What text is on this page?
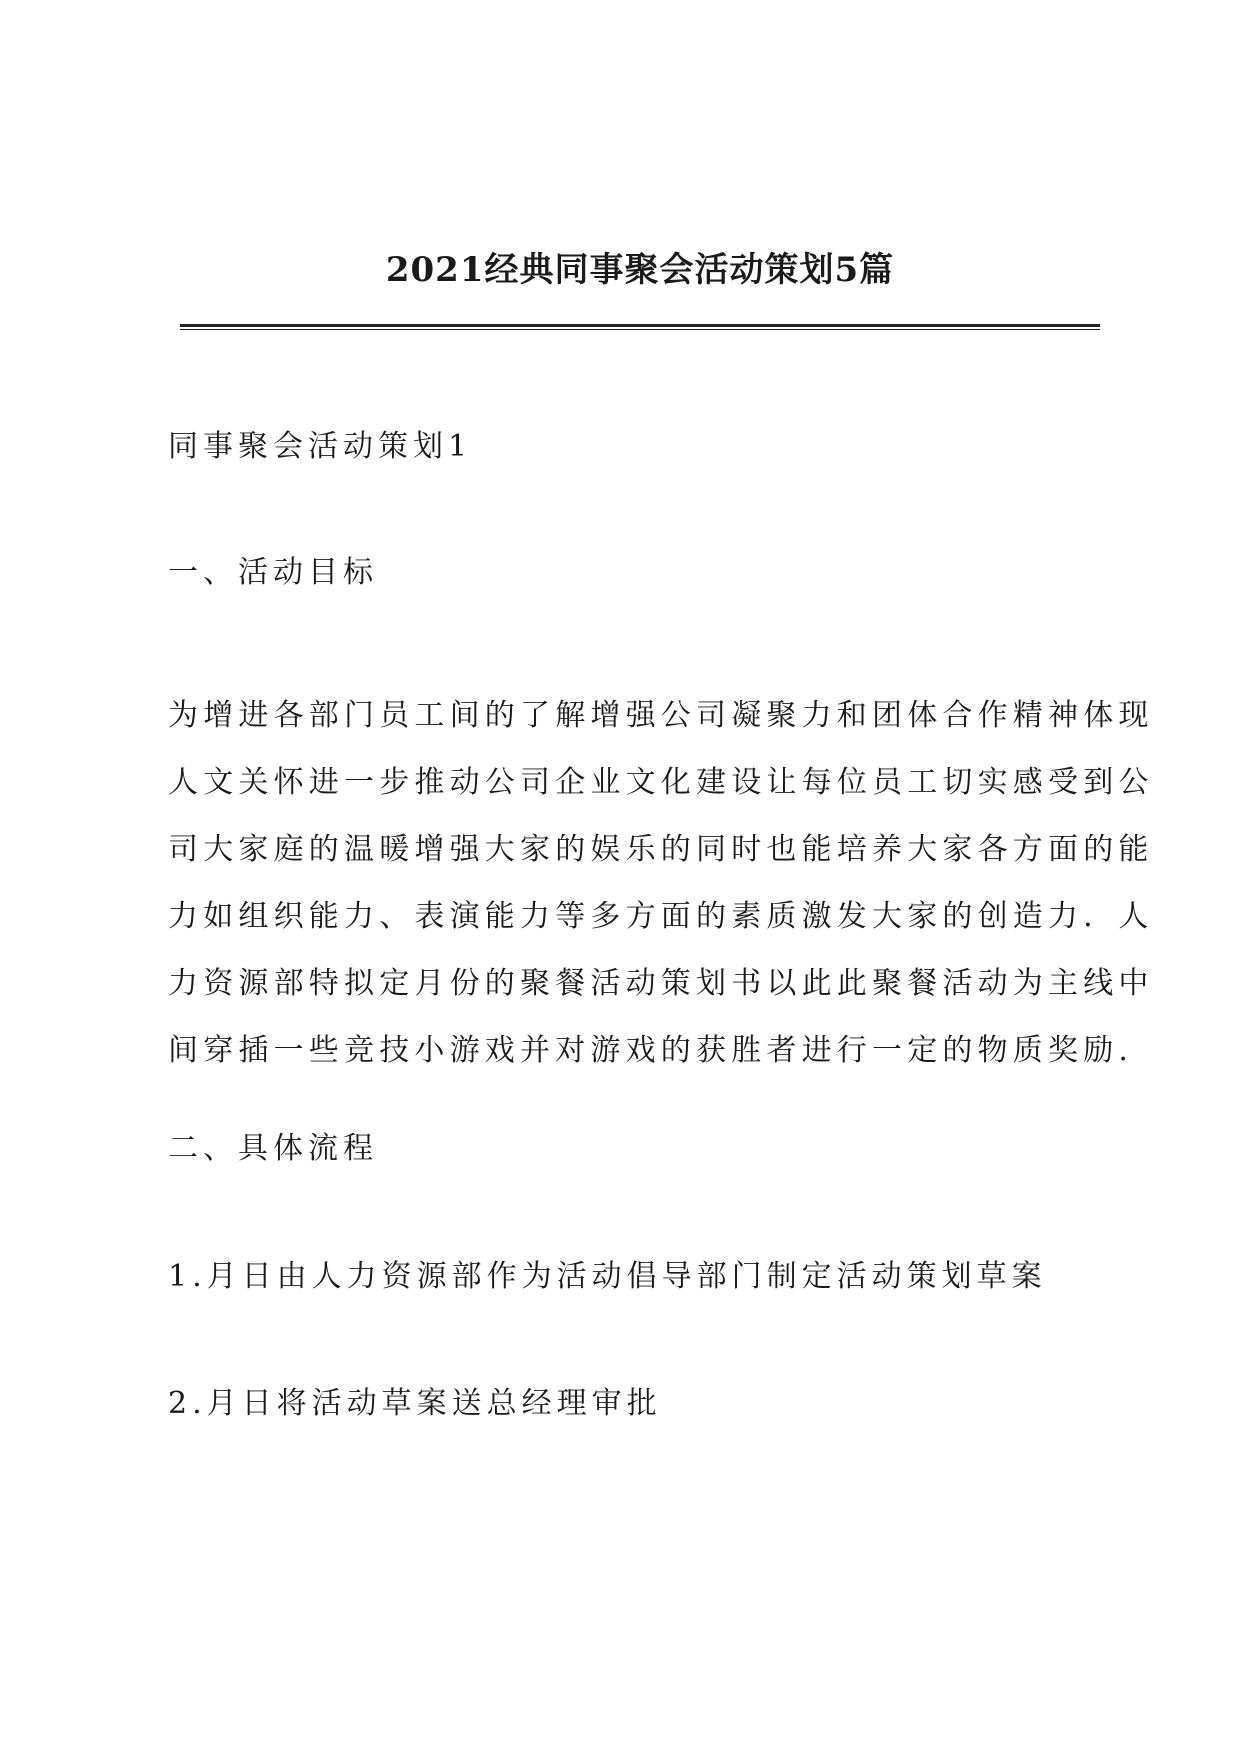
2021经典同事聚会活动策划5篇
同事聚会活动策划1
一、活动目标
为增进各部门员工间的了解增强公司凝聚力和团体合作精神体现
人文关怀进一步推动公司企业文化建设让每位员工切实感受到公
司大家庭的温暖增强大家的娱乐的同时也能培养大家各方面的能
力如组织能力、表演能力等多方面的素质激发大家的创造力．人
力资源部特拟定月份的聚餐活动策划书以此此聚餐活动为主线中
间穿插一些竞技小游戏并对游戏的获胜者进行一定的物质奖励.
二、具体流程
1.月日由人力资源部作为活动倡导部门制定活动策划草案
2.月日将活动草案送总经理审批
